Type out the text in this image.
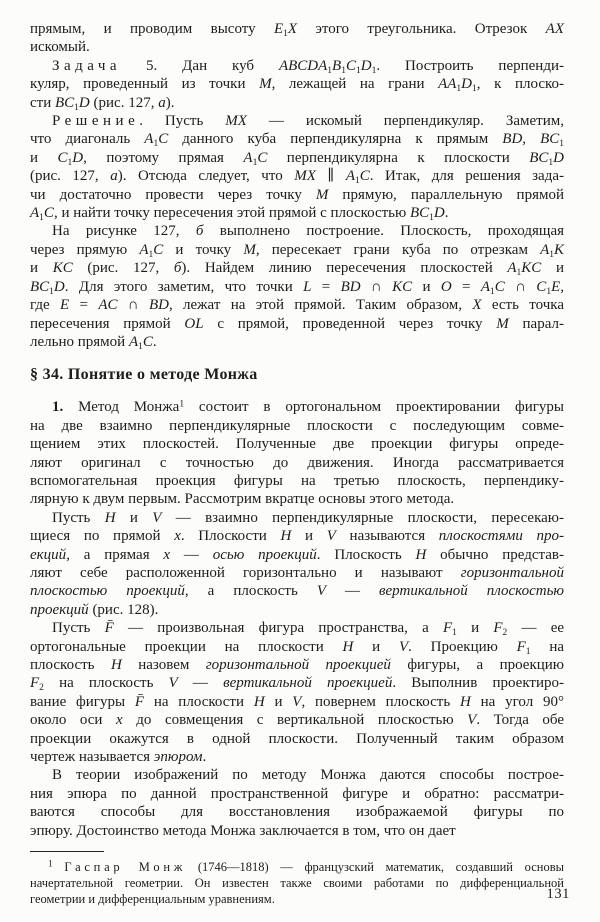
прямым, и проводим высоту $E_1X$ этого треугольника. Отрезок AX
искомый.

Задача 5. Дан куб $ABCDA_1B_1C_1D_1$. Построить перпенди-
куляр, проведенный из точки M, лежащей на грани $AA_1D_1$, к плоско-
сти $BC_1D$ (рис. 127, а).

Решение. Пусть MX — искомый перпендикуляр. Заметим,
что диагональ $A_1C$ данного куба перпендикулярна к прямым BD, $BC_1$
и $C_1D$, поэтому прямая $A_1C$ перпендикулярна к плоскости $BC_1D$
(рис. 127, а). Отсюда следует, что MX ∥ $A_1C$. Итак, для решения зада-
чи достаточно провести через точку M прямую, параллельную прямой
$A_1C$, и найти точку пересечения этой прямой с плоскостью $BC_1D$.

На рисунке 127, б выполнено построение. Плоскость, проходящая
через прямую $A_1C$ и точку M, пересекает грани куба по отрезкам $A_1K$
и KC (рис. 127, б). Найдем линию пересечения плоскостей $A_1KC$ и
$BC_1D$. Для этого заметим, что точки L = BD ∩ KC и $O = A_1C$ ∩ $C_1E$,
где E = AC ∩ BD, лежат на этой прямой. Таким образом, X есть точка
пересечения прямой OL с прямой, проведенной через точку M парал-
лельно прямой $A_1C$.

§ 34. Понятие о методе Монжа

1. Метод Монжа$^1$ состоит в ортогональном проектировании фигуры
на две взаимно перпендикулярные плоскости с последующим совме-
щением этих плоскостей. Полученные две проекции фигуры опреде-
ляют оригинал с точностью до движения. Иногда рассматривается
вспомогательная проекция фигуры на третью плоскость, перпендику-
лярную к двум первым. Рассмотрим вкратце основы этого метода.

Пусть H и V — взаимно перпендикулярные плоскости, пересекаю-
щиеся по прямой x. Плоскости H и V называются плоскостями про-
екций, а прямая x — осью проекций. Плоскость H обычно представ-
ляют себе расположенной горизонтально и называют горизонтальной
плоскостью проекций, а плоскость V — вертикальной плоскостью
проекций (рис. 128).

Пусть F̄ — произвольная фигура пространства, а $F_1$ и $F_2$ — ее
ортогональные проекции на плоскости H и V. Проекцию $F_1$ на
плоскость H назовем горизонтальной проекцией фигуры, а проекцию
$F_2$ на плоскость V — вертикальной проекцией. Выполнив проектиро-
вание фигуры F̄ на плоскости H и V, повернем плоскость H на угол 90°
около оси x до совмещения с вертикальной плоскостью V. Тогда обе
проекции окажутся в одной плоскости. Полученный таким образом
чертеж называется эпюром.

В теории изображений по методу Монжа даются способы построе-
ния эпюра по данной пространственной фигуре и обратно: рассматри-
ваются способы для восстановления изображаемой фигуры по
эпюру. Достоинство метода Монжа заключается в том, что он дает

$^1$ Гаспар Монж (1746—1818) — французский математик, создавший основы
начертательной геометрии. Он известен также своими работами по дифференциальной
геометрии и дифференциальным уравнениям.	131
